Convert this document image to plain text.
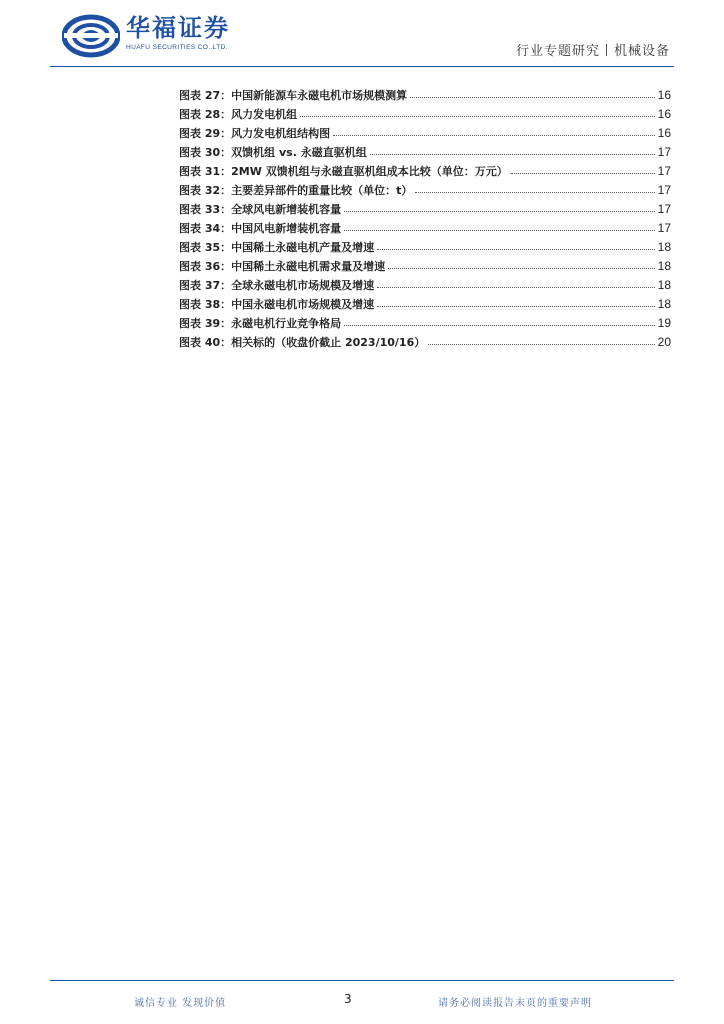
华福证券
HUAFU SECURITIES CO.,LTD.	行业专题研究丨机械设备
图表 27： 中国新能源车永磁电机市场规模测算	16
图表 28： 风力发电机组	16
图表 29： 风力发电机组结构图	16
图表 30： 双馈机组 vs. 永磁直驱机组	17
图表 31： 2MW 双馈机组与永磁直驱机组成本比较（单位：万元）	17
图表 32： 主要差异部件的重量比较（单位：t）	17
图表 33： 全球风电新增装机容量	17
图表 34： 中国风电新增装机容量	17
图表 35： 中国稀土永磁电机产量及增速	18
图表 36： 中国稀土永磁电机需求量及增速	18
图表 37： 全球永磁电机市场规模及增速	18
图表 38： 中国永磁电机市场规模及增速	18
图表 39： 永磁电机行业竞争格局	19
图表 40： 相关标的（收盘价截止 2023/10/16）	20
诚信专业 发现价值	3	请务必阅读报告末页的重要声明
